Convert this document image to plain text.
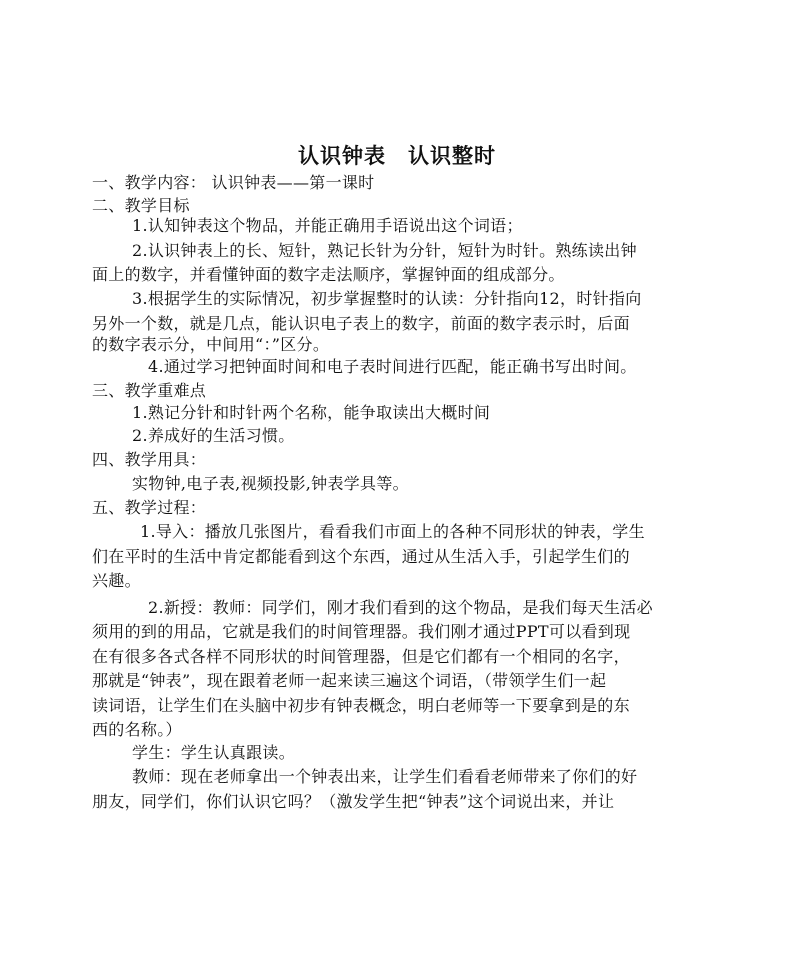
认识钟表　认识整时
一、教学内容： 认识钟表——第一课时
二、教学目标
1.认知钟表这个物品，并能正确用手语说出这个词语；
2.认识钟表上的长、短针，熟记长针为分针，短针为时针。熟练读出钟
面上的数字，并看懂钟面的数字走法顺序，掌握钟面的组成部分。
3.根据学生的实际情况，初步掌握整时的认读：分针指向12，时针指向
另外一个数，就是几点，能认识电子表上的数字，前面的数字表示时，后面
的数字表示分，中间用“：”区分。
4.通过学习把钟面时间和电子表时间进行匹配，能正确书写出时间。
三、教学重难点
1.熟记分针和时针两个名称，能争取读出大概时间
2.养成好的生活习惯。
四、教学用具：
实物钟,电子表,视频投影,钟表学具等。
五、教学过程：
1.导入：播放几张图片，看看我们市面上的各种不同形状的钟表，学生
们在平时的生活中肯定都能看到这个东西，通过从生活入手，引起学生们的
兴趣。
2.新授：教师：同学们，刚才我们看到的这个物品，是我们每天生活必
须用的到的用品，它就是我们的时间管理器。我们刚才通过PPT可以看到现
在有很多各式各样不同形状的时间管理器，但是它们都有一个相同的名字，
那就是“钟表”，现在跟着老师一起来读三遍这个词语，（带领学生们一起
读词语，让学生们在头脑中初步有钟表概念，明白老师等一下要拿到是的东
西的名称。）
学生：学生认真跟读。
教师：现在老师拿出一个钟表出来，让学生们看看老师带来了你们的好
朋友，同学们，你们认识它吗？（激发学生把“钟表”这个词说出来，并让
